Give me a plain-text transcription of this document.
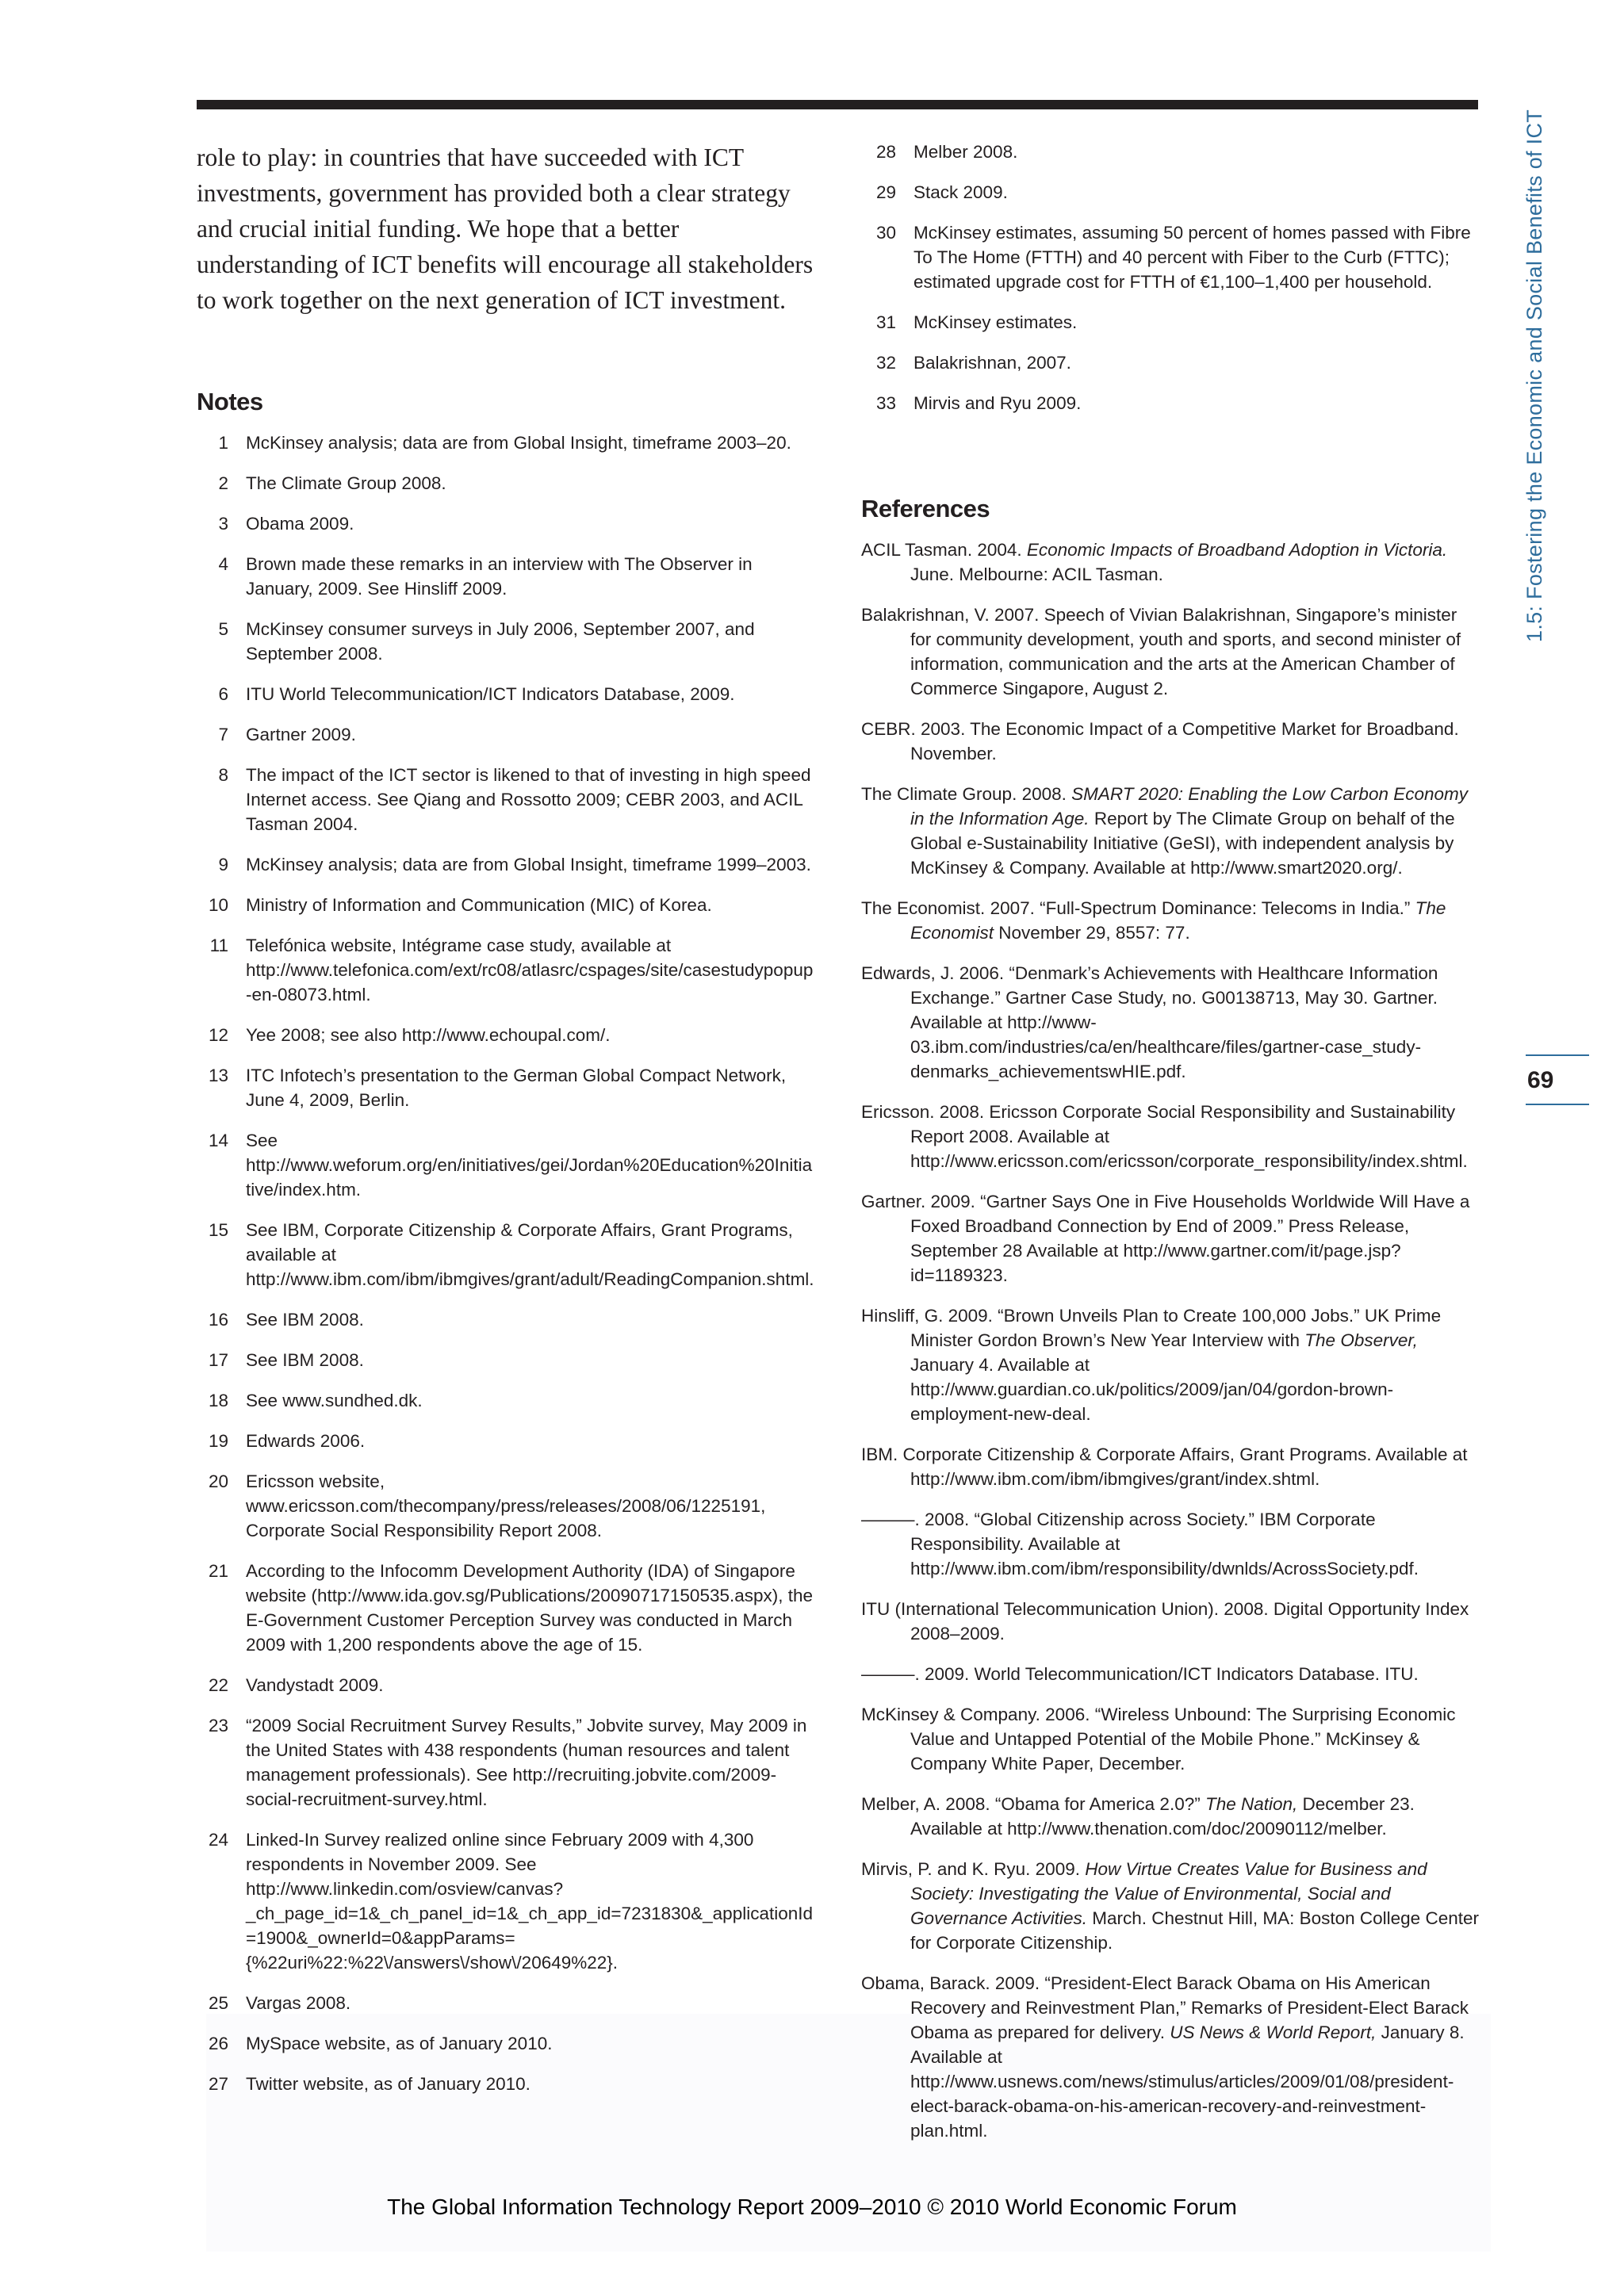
role to play: in countries that have succeeded with ICT investments, government has provided both a clear strategy and crucial initial funding. We hope that a better understanding of ICT benefits will encourage all stakeholders to work together on the next generation of ICT investment.

Notes
1 McKinsey analysis; data are from Global Insight, timeframe 2003–20.
2 The Climate Group 2008.
3 Obama 2009.
4 Brown made these remarks in an interview with The Observer in January, 2009. See Hinsliff 2009.
5 McKinsey consumer surveys in July 2006, September 2007, and September 2008.
6 ITU World Telecommunication/ICT Indicators Database, 2009.
7 Gartner 2009.
8 The impact of the ICT sector is likened to that of investing in high speed Internet access. See Qiang and Rossotto 2009; CEBR 2003, and ACIL Tasman 2004.
9 McKinsey analysis; data are from Global Insight, timeframe 1999–2003.
10 Ministry of Information and Communication (MIC) of Korea.
11 Telefónica website, Intégrame case study, available at http://www.telefonica.com/ext/rc08/atlasrc/cspages/site/casestudypopup-en-08073.html.
12 Yee 2008; see also http://www.echoupal.com/.
13 ITC Infotech’s presentation to the German Global Compact Network, June 4, 2009, Berlin.
14 See http://www.weforum.org/en/initiatives/gei/Jordan%20Education%20Initiative/index.htm.
15 See IBM, Corporate Citizenship & Corporate Affairs, Grant Programs, available at http://www.ibm.com/ibm/ibmgives/grant/adult/ReadingCompanion.shtml.
16 See IBM 2008.
17 See IBM 2008.
18 See www.sundhed.dk.
19 Edwards 2006.
20 Ericsson website, www.ericsson.com/thecompany/press/releases/2008/06/1225191, Corporate Social Responsibility Report 2008.
21 According to the Infocomm Development Authority (IDA) of Singapore website (http://www.ida.gov.sg/Publications/20090717150535.aspx), the E-Government Customer Perception Survey was conducted in March 2009 with 1,200 respondents above the age of 15.
22 Vandystadt 2009.
23 “2009 Social Recruitment Survey Results,” Jobvite survey, May 2009 in the United States with 438 respondents (human resources and talent management professionals). See http://recruiting.jobvite.com/2009-social-recruitment-survey.html.
24 Linked-In Survey realized online since February 2009 with 4,300 respondents in November 2009. See http://www.linkedin.com/osview/canvas?_ch_page_id=1&_ch_panel_id=1&_ch_app_id=7231830&_applicationId=1900&_ownerId=0&appParams={%22uri%22:%22\/answers\/show\/20649%22}.
25 Vargas 2008.
26 MySpace website, as of January 2010.
27 Twitter website, as of January 2010.
28 Melber 2008.
29 Stack 2009.
30 McKinsey estimates, assuming 50 percent of homes passed with Fibre To The Home (FTTH) and 40 percent with Fiber to the Curb (FTTC); estimated upgrade cost for FTTH of €1,100–1,400 per household.
31 McKinsey estimates.
32 Balakrishnan, 2007.
33 Mirvis and Ryu 2009.
References

ACIL Tasman. 2004. Economic Impacts of Broadband Adoption in Victoria. June. Melbourne: ACIL Tasman.

Balakrishnan, V. 2007. Speech of Vivian Balakrishnan, Singapore’s minister for community development, youth and sports, and second minister of information, communication and the arts at the American Chamber of Commerce Singapore, August 2.

CEBR. 2003. The Economic Impact of a Competitive Market for Broadband. November.

The Climate Group. 2008. SMART 2020: Enabling the Low Carbon Economy in the Information Age. Report by The Climate Group on behalf of the Global e-Sustainability Initiative (GeSI), with independent analysis by McKinsey & Company. Available at http://www.smart2020.org/.

The Economist. 2007. “Full-Spectrum Dominance: Telecoms in India.” The Economist November 29, 8557: 77.

Edwards, J. 2006. “Denmark’s Achievements with Healthcare Information Exchange.” Gartner Case Study, no. G00138713, May 30. Gartner. Available at http://www-03.ibm.com/industries/ca/en/healthcare/files/gartner-case_study-denmarks_achievementswHIE.pdf.

Ericsson. 2008. Ericsson Corporate Social Responsibility and Sustainability Report 2008. Available at http://www.ericsson.com/ericsson/corporate_responsibility/index.shtml.

Gartner. 2009. “Gartner Says One in Five Households Worldwide Will Have a Foxed Broadband Connection by End of 2009.” Press Release, September 28 Available at http://www.gartner.com/it/page.jsp?id=1189323.

Hinsliff, G. 2009. “Brown Unveils Plan to Create 100,000 Jobs.” UK Prime Minister Gordon Brown’s New Year Interview with The Observer, January 4. Available at http://www.guardian.co.uk/politics/2009/jan/04/gordon-brown-employment-new-deal.

IBM. Corporate Citizenship & Corporate Affairs, Grant Programs. Available at http://www.ibm.com/ibm/ibmgives/grant/index.shtml.

———. 2008. “Global Citizenship across Society.” IBM Corporate Responsibility. Available at http://www.ibm.com/ibm/responsibility/dwnlds/AcrossSociety.pdf.

ITU (International Telecommunication Union). 2008. Digital Opportunity Index 2008–2009.

———. 2009. World Telecommunication/ICT Indicators Database. ITU.

McKinsey & Company. 2006. “Wireless Unbound: The Surprising Economic Value and Untapped Potential of the Mobile Phone.” McKinsey & Company White Paper, December.

Melber, A. 2008. “Obama for America 2.0?” The Nation, December 23. Available at http://www.thenation.com/doc/20090112/melber.

Mirvis, P. and K. Ryu. 2009. How Virtue Creates Value for Business and Society: Investigating the Value of Environmental, Social and Governance Activities. March. Chestnut Hill, MA: Boston College Center for Corporate Citizenship.

Obama, Barack. 2009. “President-Elect Barack Obama on His American Recovery and Reinvestment Plan,” Remarks of President-Elect Barack Obama as prepared for delivery. US News & World Report, January 8. Available at http://www.usnews.com/news/stimulus/articles/2009/01/08/president-elect-barack-obama-on-his-american-recovery-and-reinvestment-plan.html.

1.5: Fostering the Economic and Social Benefits of ICT
69
The Global Information Technology Report 2009–2010 © 2010 World Economic Forum
